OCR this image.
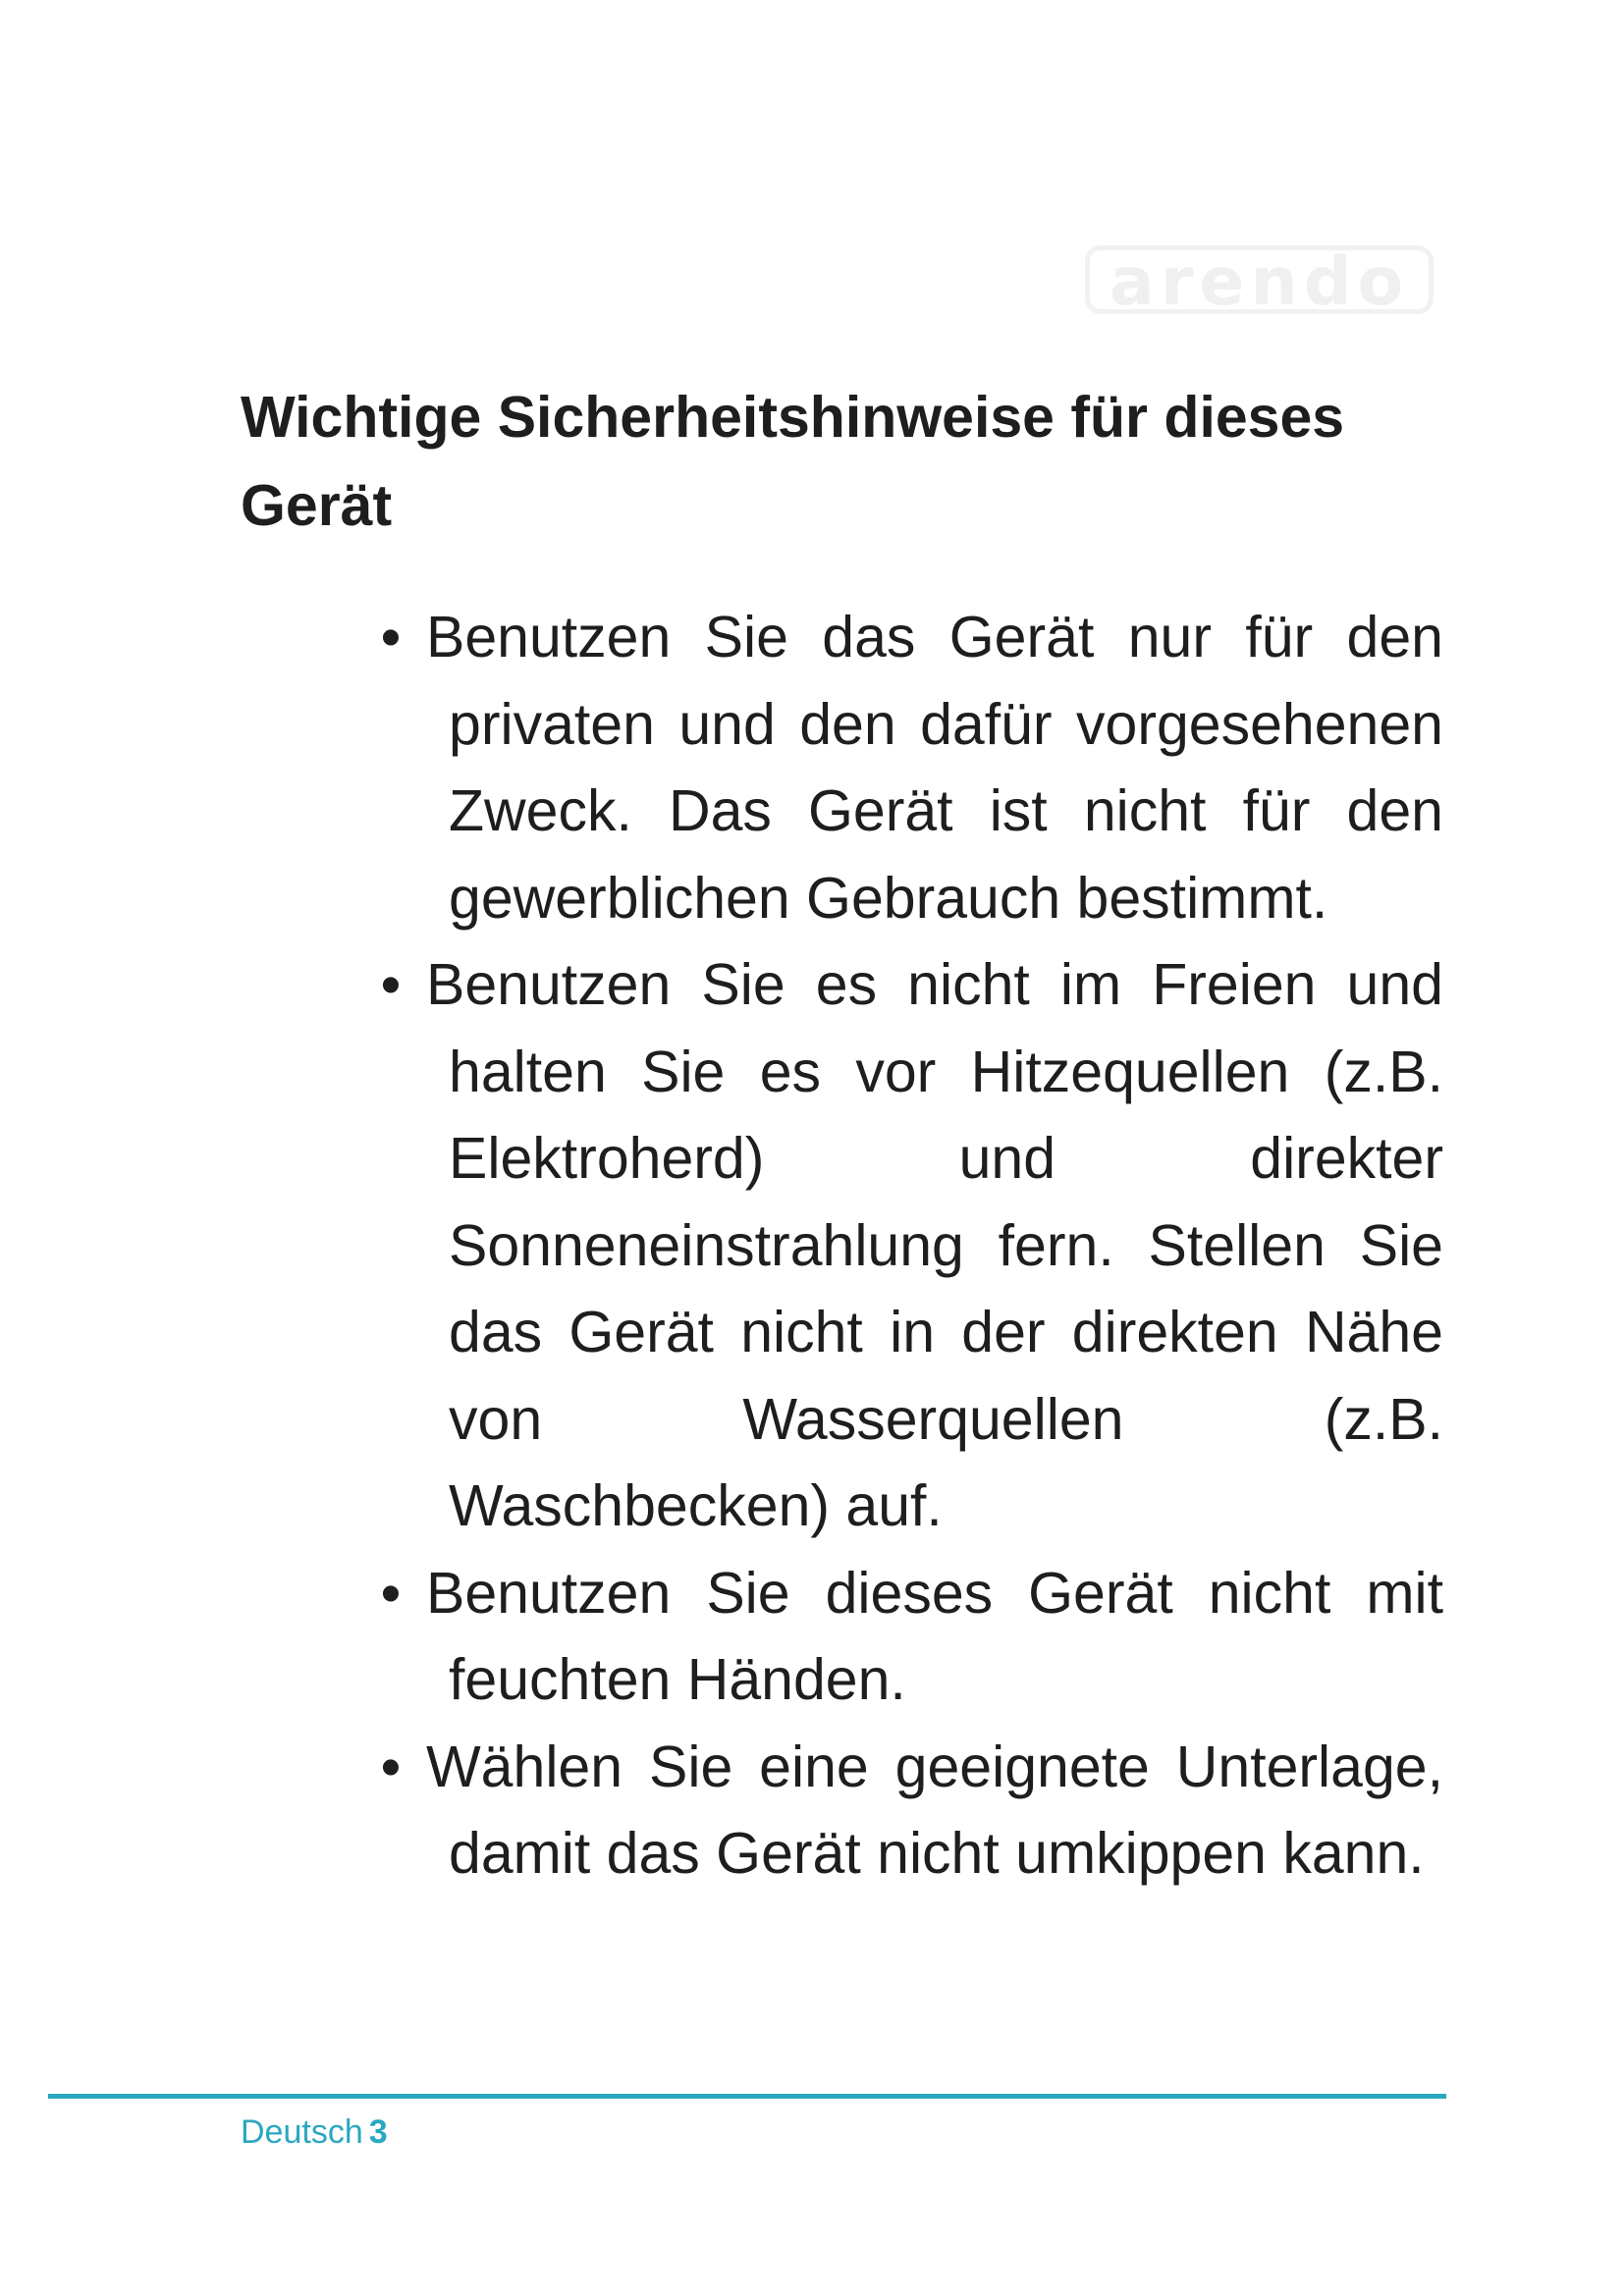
arendo
Wichtige Sicherheitshinweise für dieses Gerät
• Benutzen Sie das Gerät nur für den privaten und den dafür vorgesehenen Zweck. Das Gerät ist nicht für den gewerblichen Gebrauch bestimmt.
• Benutzen Sie es nicht im Freien und halten Sie es vor Hitzequellen (z.B. Elektroherd) und direkter Sonneneinstrahlung fern. Stellen Sie das Gerät nicht in der direkten Nähe von Wasserquellen (z.B. Waschbecken) auf.
• Benutzen Sie dieses Gerät nicht mit feuchten Händen.
• Wählen Sie eine geeignete Unterlage, damit das Gerät nicht umkippen kann.
Deutsch 3
